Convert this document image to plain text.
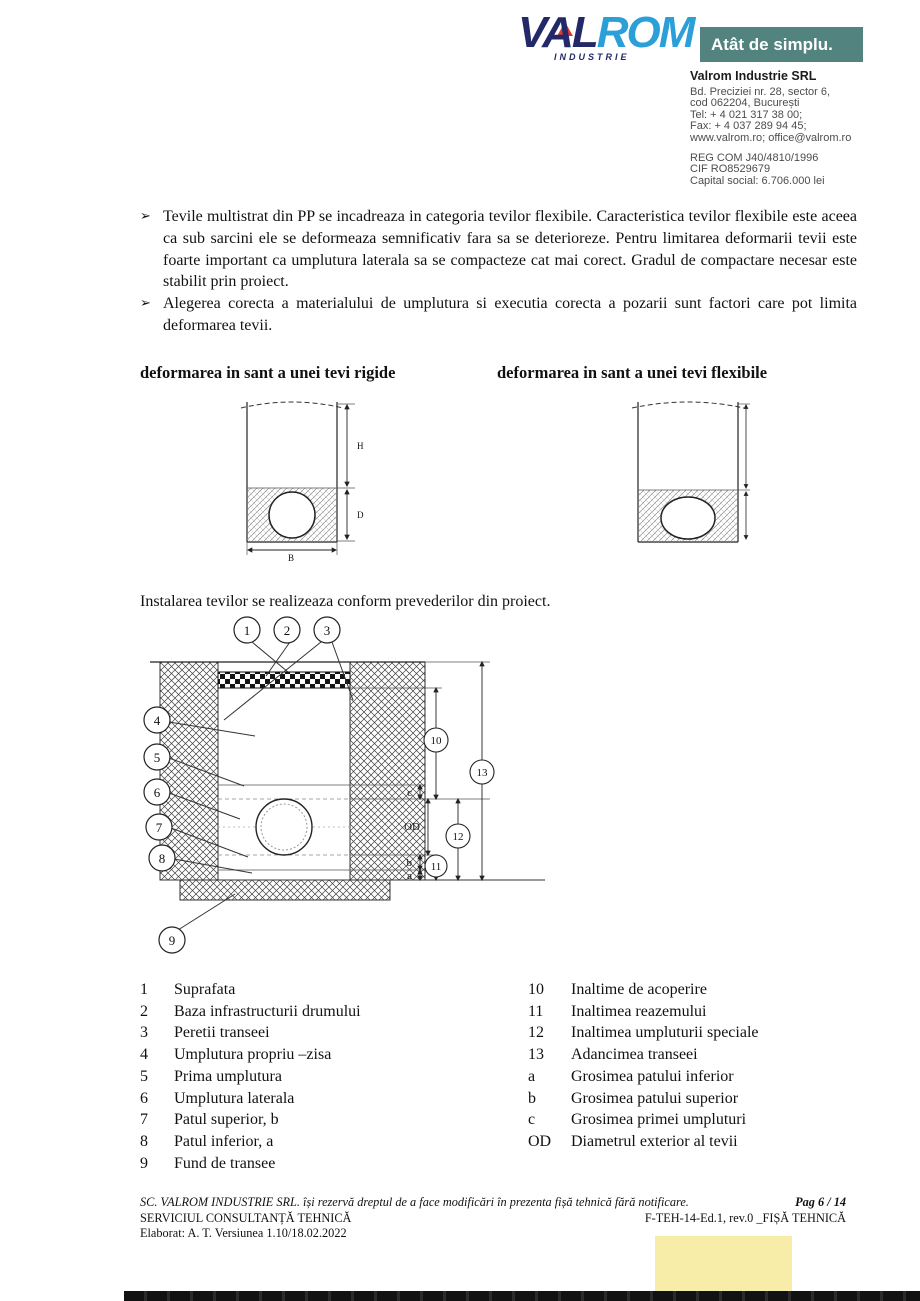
VALROM
INDUSTRIE
Atât de simplu.
Valrom Industrie SRL
Bd. Preciziei nr. 28, sector 6,
cod 062204, București
Tel: + 4 021 317 38 00;
Fax: + 4 037 289 94 45;
www.valrom.ro; office@valrom.ro
REG COM J40/4810/1996
CIF RO8529679
Capital social: 6.706.000 lei
➢ Tevile multistrat din PP se incadreaza in categoria tevilor flexibile. Caracteristica tevilor flexibile este aceea ca sub sarcini ele se deformeaza semnificativ fara sa se deterioreze. Pentru limitarea deformarii tevii este foarte important ca umplutura laterala sa se compacteze cat mai corect. Gradul de compactare necesar este stabilit prin proiect.
➢ Alegerea corecta a materialului de umplutura si executia corecta a pozarii sunt factori care pot limita deformarea tevii.
deformarea in sant a unei tevi rigide	deformarea in sant a unei tevi flexibile
H
D
B
Instalarea tevilor se realizeaza conform prevederilor din proiect.
c
OD
b
a
1	2	3
4
5
6
7
8
9
10
11
12
13
1	Suprafata
2	Baza infrastructurii drumului
3	Peretii transeei
4	Umplutura propriu –zisa
5	Prima umplutura
6	Umplutura laterala
7	Patul superior, b
8	Patul inferior, a
9	Fund de transee
10	Inaltime de acoperire
11	Inaltimea reazemului
12	Inaltimea umpluturii speciale
13	Adancimea transeei
a	Grosimea patului inferior
b	Grosimea patului superior
c	Grosimea primei umpluturi
OD	Diametrul exterior al tevii
SC. VALROM INDUSTRIE SRL. își rezervă dreptul de a face modificări în prezenta fișă tehnică fără notificare.	Pag 6 / 14
SERVICIUL CONSULTANȚĂ TEHNICĂ	F-TEH-14-Ed.1, rev.0 _FIȘĂ TEHNICĂ
Elaborat: A. T. Versiunea 1.10/18.02.2022
